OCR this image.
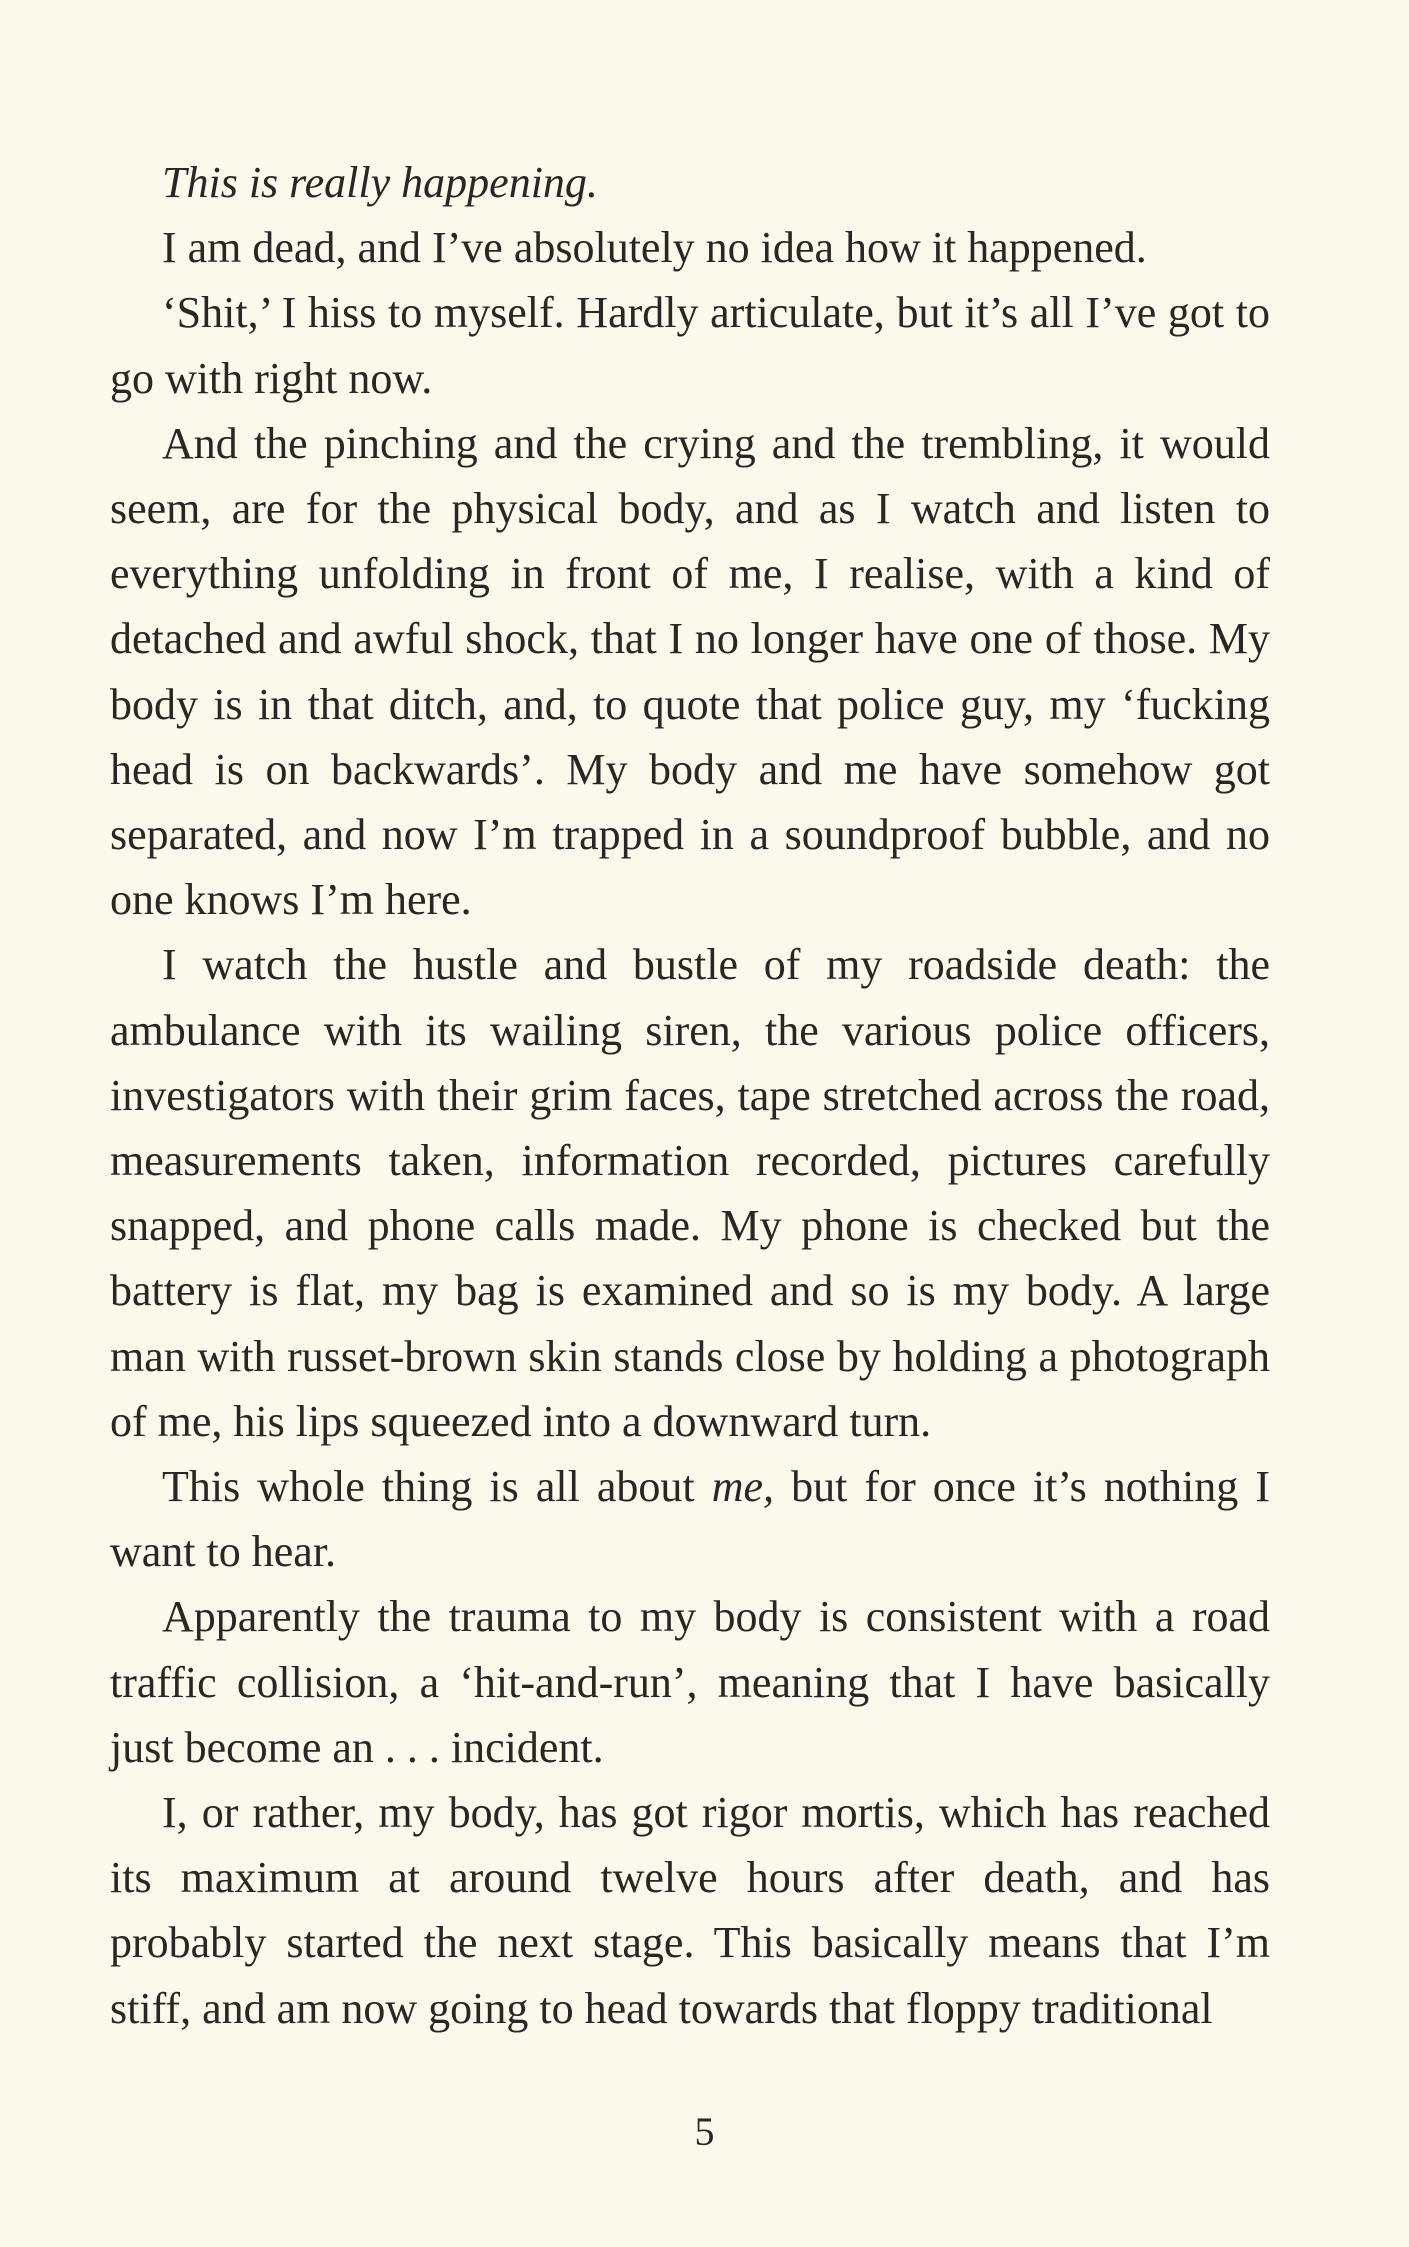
This is really happening.

I am dead, and I’ve absolutely no idea how it happened.

‘Shit,’ I hiss to myself. Hardly articulate, but it’s all I’ve got to go with right now.

And the pinching and the crying and the trembling, it would seem, are for the physical body, and as I watch and listen to everything unfolding in front of me, I realise, with a kind of detached and awful shock, that I no longer have one of those. My body is in that ditch, and, to quote that police guy, my ‘fucking head is on backwards’. My body and me have somehow got separated, and now I’m trapped in a soundproof bubble, and no one knows I’m here.

I watch the hustle and bustle of my roadside death: the ambulance with its wailing siren, the various police officers, investigators with their grim faces, tape stretched across the road, measurements taken, information recorded, pictures carefully snapped, and phone calls made. My phone is checked but the battery is flat, my bag is examined and so is my body. A large man with russet-brown skin stands close by holding a photograph of me, his lips squeezed into a downward turn.

This whole thing is all about me, but for once it’s nothing I want to hear.

Apparently the trauma to my body is consistent with a road traffic collision, a ‘hit-and-run’, meaning that I have basically just become an . . . incident.

I, or rather, my body, has got rigor mortis, which has reached its maximum at around twelve hours after death, and has probably started the next stage. This basically means that I’m stiff, and am now going to head towards that floppy traditional

5
